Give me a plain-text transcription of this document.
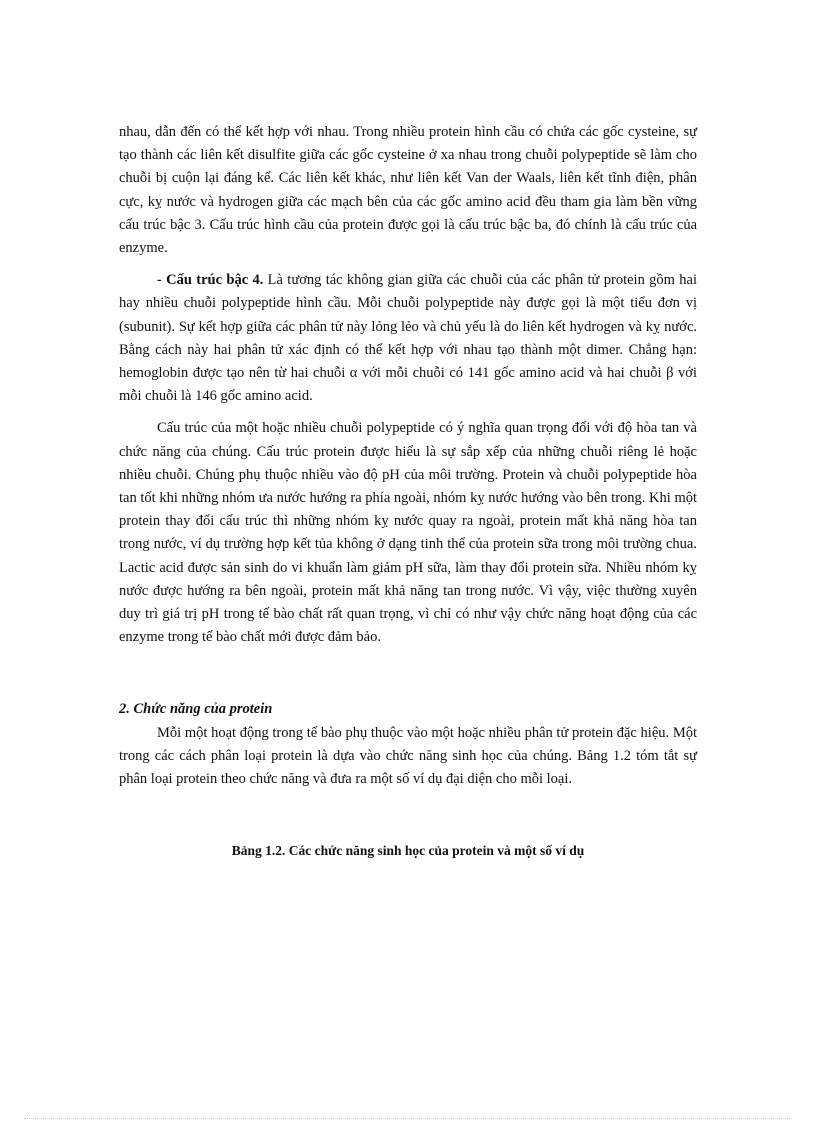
nhau, dẫn đến có thể kết hợp với nhau. Trong nhiều protein hình cầu có chứa các gốc cysteine, sự tạo thành các liên kết disulfite giữa các gốc cysteine ở xa nhau trong chuỗi polypeptide sẽ làm cho chuỗi bị cuộn lại đáng kể. Các liên kết khác, như liên kết Van der Waals, liên kết tĩnh điện, phân cực, kỵ nước và hydrogen giữa các mạch bên của các gốc amino acid đều tham gia làm bền vững cấu trúc bậc 3. Cấu trúc hình cầu của protein được gọi là cấu trúc bậc ba, đó chính là cấu trúc của enzyme.

- Cấu trúc bậc 4. Là tương tác không gian giữa các chuỗi của các phân tử protein gồm hai hay nhiều chuỗi polypeptide hình cầu. Mỗi chuỗi polypeptide này được gọi là một tiểu đơn vị (subunit). Sự kết hợp giữa các phân tử này lỏng lẻo và chủ yếu là do liên kết hydrogen và kỵ nước. Bằng cách này hai phân tử xác định có thể kết hợp với nhau tạo thành một dimer. Chẳng hạn: hemoglobin được tạo nên từ hai chuỗi α với mỗi chuỗi có 141 gốc amino acid và hai chuỗi β với mỗi chuỗi là 146 gốc amino acid.

Cấu trúc của một hoặc nhiều chuỗi polypeptide có ý nghĩa quan trọng đối với độ hòa tan và chức năng của chúng. Cấu trúc protein được hiểu là sự sắp xếp của những chuỗi riêng lẻ hoặc nhiều chuỗi. Chúng phụ thuộc nhiều vào độ pH của môi trường. Protein và chuỗi polypeptide hòa tan tốt khi những nhóm ưa nước hướng ra phía ngoài, nhóm kỵ nước hướng vào bên trong. Khi một protein thay đổi cấu trúc thì những nhóm kỵ nước quay ra ngoài, protein mất khả năng hòa tan trong nước, ví dụ trường hợp kết tủa không ở dạng tinh thể của protein sữa trong môi trường chua. Lactic acid được sản sinh do vi khuẩn làm giảm pH sữa, làm thay đổi protein sữa. Nhiều nhóm kỵ nước được hướng ra bên ngoài, protein mất khả năng tan trong nước. Vì vậy, việc thường xuyên duy trì giá trị pH trong tế bào chất rất quan trọng, vì chỉ có như vậy chức năng hoạt động của các enzyme trong tế bào chất mới được đảm bảo.

2. Chức năng của protein

Mỗi một hoạt động trong tế bào phụ thuộc vào một hoặc nhiều phân tử protein đặc hiệu. Một trong các cách phân loại protein là dựa vào chức năng sinh học của chúng. Bảng 1.2 tóm tắt sự phân loại protein theo chức năng và đưa ra một số ví dụ đại diện cho mỗi loại.

Bảng 1.2. Các chức năng sinh học của protein và một số ví dụ
